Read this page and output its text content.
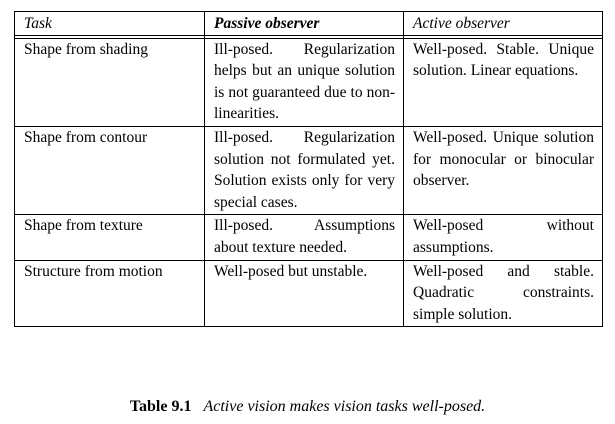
Task	Passive observer	Active observer

Shape from shading	Ill-posed. Regularization helps but an unique solution is not guaranteed due to nonlinearities.	Well-posed. Stable. Unique solution. Linear equations.
Shape from contour	Ill-posed. Regularization solution not formulated yet. Solution exists only for very special cases.	Well-posed. Unique solution for monocular or binocular observer.
Shape from texture	Ill-posed. Assumptions about texture needed.	Well-posed without assumptions.
Structure from motion	Well-posed but unstable.	Well-posed and stable. Quadratic constraints. simple solution.
Table 9.1 Active vision makes vision tasks well-posed.
